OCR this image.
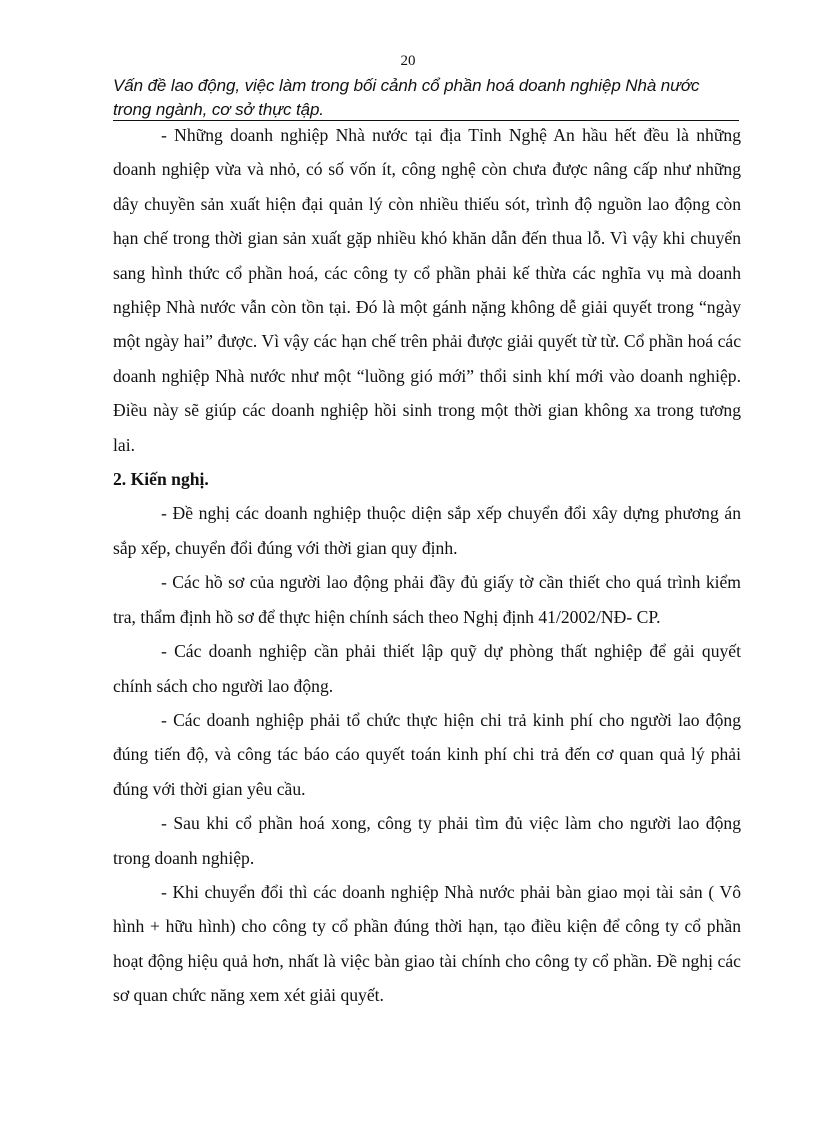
20
Vấn đề lao động, việc làm trong bối cảnh cổ phần hoá doanh nghiệp Nhà nước trong ngành, cơ sở thực tập.

- Những doanh nghiệp Nhà nước tại địa Tỉnh Nghệ An hầu hết đều là những doanh nghiệp vừa và nhỏ, có số vốn ít, công nghệ còn chưa được nâng cấp như những dây chuyền sản xuất hiện đại quản lý còn nhiều thiếu sót, trình độ nguồn lao động còn hạn chế trong thời gian sản xuất gặp nhiều khó khăn dẫn đến thua lỗ. Vì vậy khi chuyển sang hình thức cổ phần hoá, các công ty cổ phần phải kế thừa các nghĩa vụ mà doanh nghiệp Nhà nước vẫn còn tồn tại. Đó là một gánh nặng không dễ giải quyết trong “ngày một ngày hai” được. Vì vậy các hạn chế trên phải được giải quyết từ từ. Cổ phần hoá các doanh nghiệp Nhà nước như một “luồng gió mới” thổi sinh khí mới vào doanh nghiệp. Điều này sẽ giúp các doanh nghiệp hồi sinh trong một thời gian không xa trong tương lai.

2. Kiến nghị.

- Đề nghị các doanh nghiệp thuộc diện sắp xếp chuyển đổi xây dựng phương án sắp xếp, chuyển đổi đúng với thời gian quy định.

- Các hồ sơ của người lao động phải đầy đủ giấy tờ cần thiết cho quá trình kiểm tra, thẩm định hồ sơ để thực hiện chính sách theo Nghị định 41/2002/NĐ- CP.

- Các doanh nghiệp cần phải thiết lập quỹ dự phòng thất nghiệp để gải quyết chính sách cho người lao động.

- Các doanh nghiệp phải tổ chức thực hiện chi trả kinh phí cho người lao động đúng tiến độ, và công tác báo cáo quyết toán kinh phí chi trả đến cơ quan quả lý phải đúng với thời gian yêu cầu.

- Sau khi cổ phần hoá xong, công ty phải tìm đủ việc làm cho người lao động trong doanh nghiệp.

- Khi chuyển đổi thì các doanh nghiệp Nhà nước phải bàn giao mọi tài sản ( Vô hình + hữu hình) cho công ty cổ phần đúng thời hạn, tạo điều kiện để công ty cổ phần hoạt động hiệu quả hơn, nhất là việc bàn giao tài chính cho công ty cổ phần. Đề nghị các sơ quan chức năng xem xét giải quyết.
